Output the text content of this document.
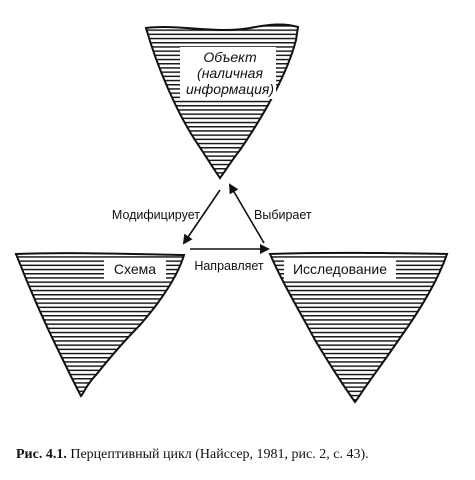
Объект
(наличная
информация)
Схема	Исследование
Модифицирует	Выбирает
Направляет
Рис. 4.1. Перцептивный цикл (Найссер, 1981, рис. 2, с. 43).
